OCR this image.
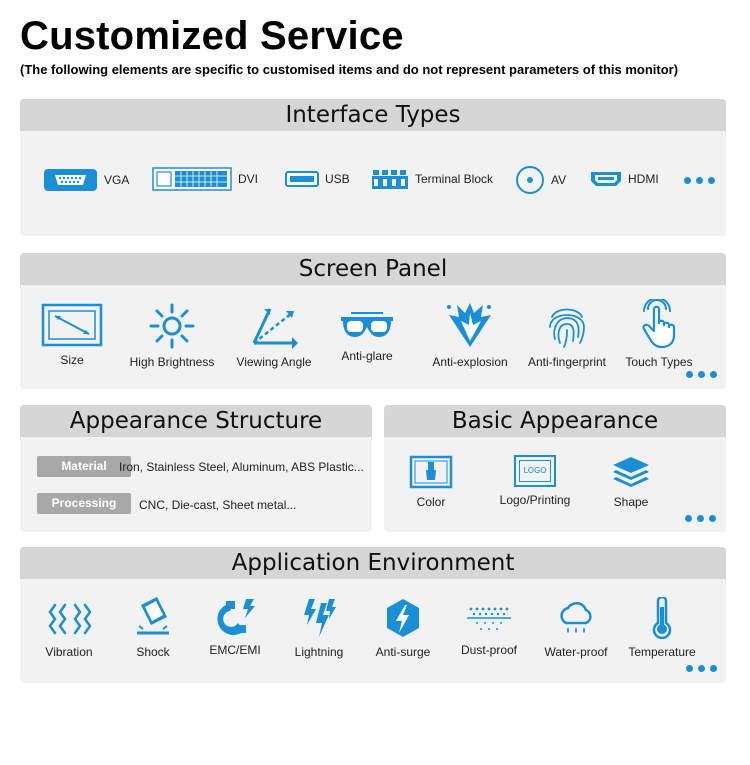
Customized Service
(The following elements are specific to customised items and do not represent parameters of this monitor)
Interface Types
VGA	DVI	USB	Terminal Block	AV	HDMI
Screen Panel
Size	High Brightness	Viewing Angle	Anti-glare	Anti-explosion	Anti-fingerprint	Touch Types
Appearance Structure
Material	Iron, Stainless Steel, Aluminum, ABS Plastic...
Processing	CNC, Die-cast, Sheet metal...
Basic Appearance
Color
LOGO
Logo/Printing	Shape
Application Environment
Vibration	Shock	EMC/EMI	Lightning	Anti-surge	Dust-proof	Water-proof	Temperature
